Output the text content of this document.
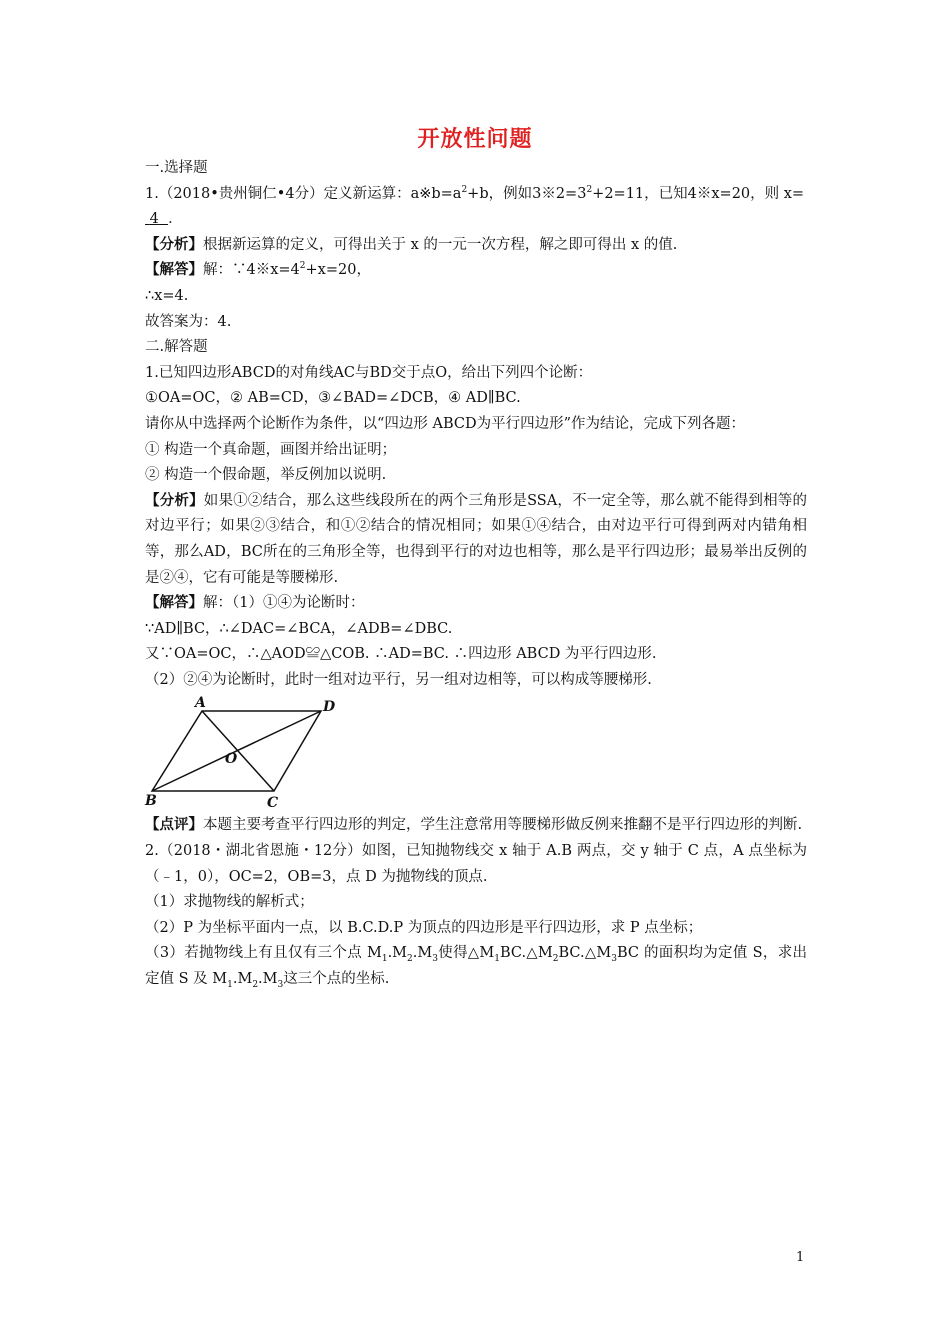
开放性问题
一.选择题
1.（2018•贵州铜仁•4分）定义新运算：$a※b=a^2+b$，例如$3※2=3^2+2=11$，已知4※x=20，则 x=
4 ．
【分析】根据新运算的定义，可得出关于 x 的一元一次方程，解之即可得出 x 的值.
【解答】解：$\because 4※x=4^2+x=20$，
∴x=4.
故答案为：4.
二.解答题
1.已知四边形ABCD的对角线AC与BD交于点O，给出下列四个论断：
①OA=OC，② AB=CD，③∠BAD=∠DCB，④ AD∥BC.
请你从中选择两个论断作为条件，以“四边形 ABCD为平行四边形”作为结论，完成下列各题：
① 构造一个真命题，画图并给出证明；
② 构造一个假命题，举反例加以说明.
【分析】如果①②结合，那么这些线段所在的两个三角形是SSA，不一定全等，那么就不能得到相等的对边平行；如果②③结合，和①②结合的情况相同；如果①④结合，由对边平行可得到两对内错角相等，那么AD，BC所在的三角形全等，也得到平行的对边也相等，那么是平行四边形；最易举出反例的是②④，它有可能是等腰梯形.
【解答】解：（1）①④为论断时：
∵AD∥BC，∴∠DAC=∠BCA，∠ADB=∠DBC.
又∵OA=OC，∴△AOD≌△COB. ∴AD=BC. ∴四边形 ABCD 为平行四边形.
（2）②④为论断时，此时一组对边平行，另一组对边相等，可以构成等腰梯形.
A	D
O
B	C
【点评】本题主要考查平行四边形的判定，学生注意常用等腰梯形做反例来推翻不是平行四边形的判断.
2.（2018・湖北省恩施・12分）如图，已知抛物线交 x 轴于 A.B 两点，交 y 轴于 C 点，A 点坐标为（﹣1，0），OC=2，OB=3，点 D 为抛物线的顶点.
（1）求抛物线的解析式；
（2）P 为坐标平面内一点，以 B.C.D.P 为顶点的四边形是平行四边形，求 P 点坐标；
（3）若抛物线上有且仅有三个点 $M_1.M_2.M_3$使得$\triangle M_1BC.\triangle M_2BC.\triangle M_3BC$ 的面积均为定值 S，求出定值 S 及 $M_1.M_2.M_3$这三个点的坐标.
1
